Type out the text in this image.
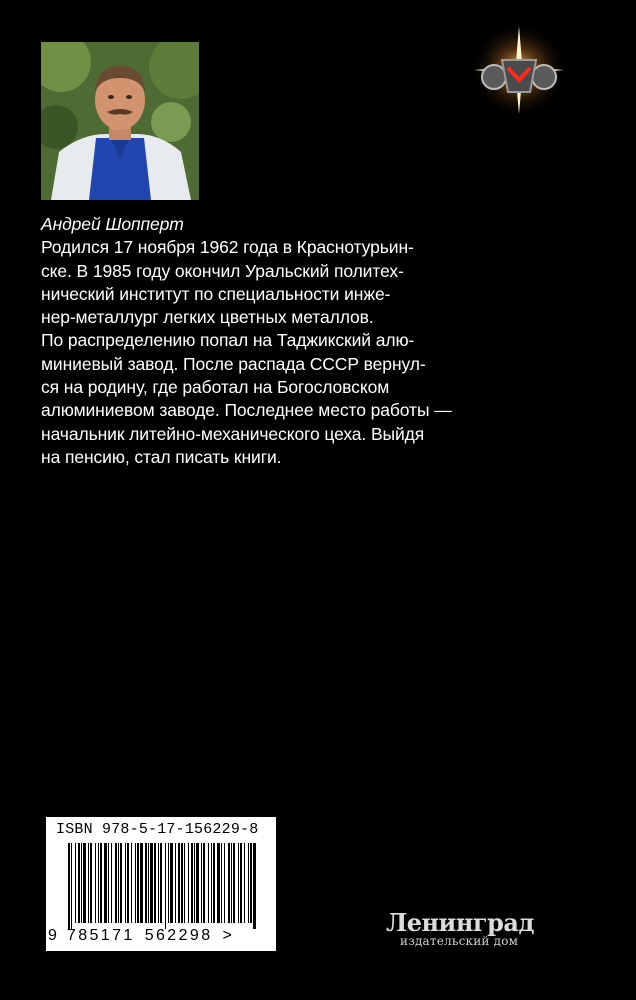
Андрей Шопперт
Родился 17 ноября 1962 года в Краснотурьин-
ске. В 1985 году окончил Уральский политех-
нический институт по специальности инже-
нер-металлург легких цветных металлов.
По распределению попал на Таджикский алю-
миниевый завод. После распада СССР вернул-
ся на родину, где работал на Богословском
алюминиевом заводе. Последнее место работы —
начальник литейно-механического цеха. Выйдя
на пенсию, стал писать книги.
ISBN 978-5-17-156229-8
9 785171 562298 >	Ленинград
издательский дом
